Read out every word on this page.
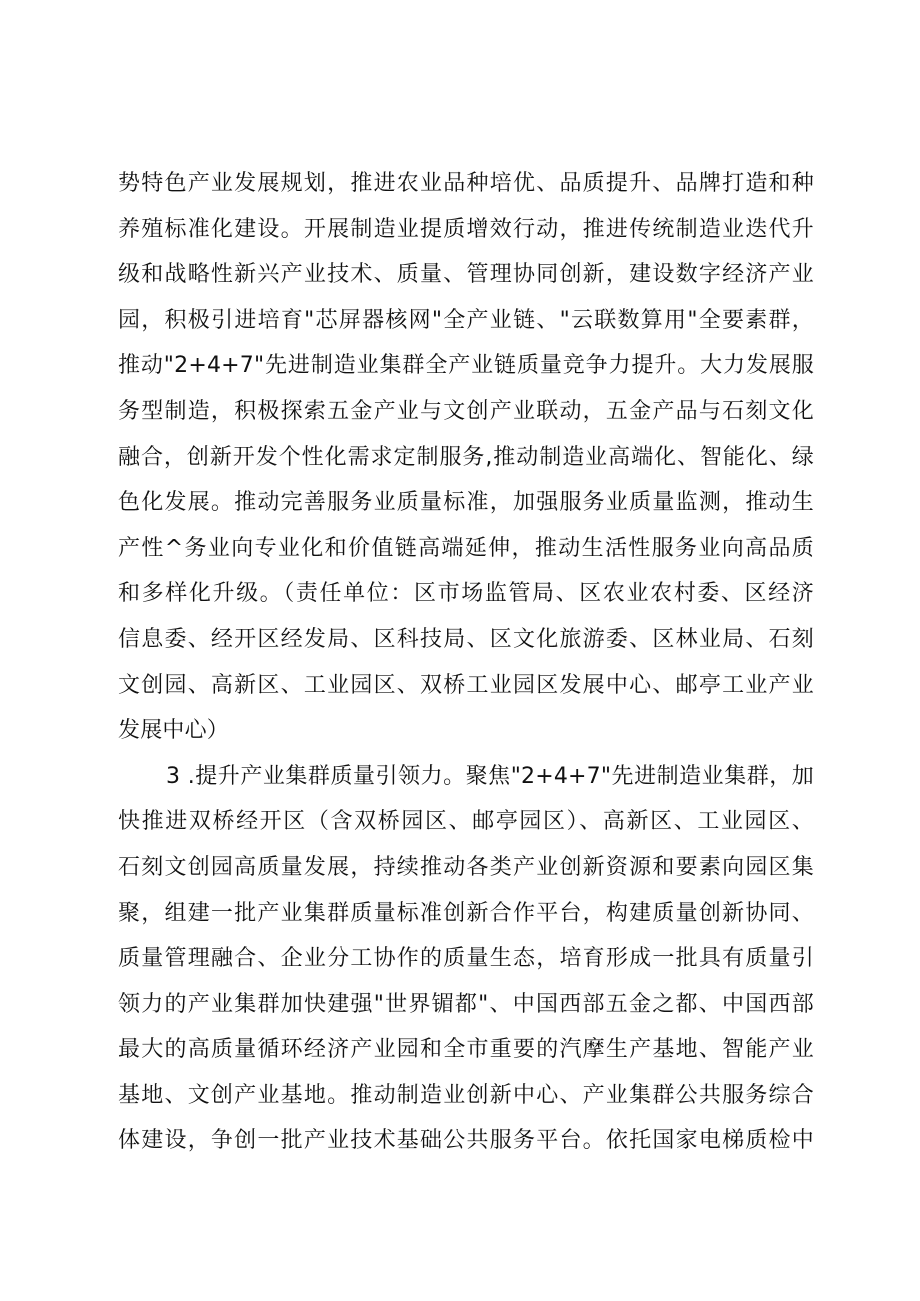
势特色产业发展规划，推进农业品种培优、品质提升、品牌打造和种
养殖标准化建设。开展制造业提质增效行动，推进传统制造业迭代升
级和战略性新兴产业技术、质量、管理协同创新，建设数字经济产业
园，积极引进培育"芯屏器核网"全产业链、"云联数算用"全要素群，
推动"2+4+7"先进制造业集群全产业链质量竞争力提升。大力发展服
务型制造，积极探索五金产业与文创产业联动，五金产品与石刻文化
融合，创新开发个性化需求定制服务,推动制造业高端化、智能化、绿
色化发展。推动完善服务业质量标准，加强服务业质量监测，推动生
产性^务业向专业化和价值链高端延伸，推动生活性服务业向高品质
和多样化升级。（责任单位：区市场监管局、区农业农村委、区经济
信息委、经开区经发局、区科技局、区文化旅游委、区林业局、石刻
文创园、高新区、工业园区、双桥工业园区发展中心、邮亭工业产业
发展中心）
3 .提升产业集群质量引领力。聚焦"2+4+7"先进制造业集群，加
快推进双桥经开区（含双桥园区、邮亭园区）、高新区、工业园区、
石刻文创园高质量发展，持续推动各类产业创新资源和要素向园区集
聚，组建一批产业集群质量标准创新合作平台，构建质量创新协同、
质量管理融合、企业分工协作的质量生态，培育形成一批具有质量引
领力的产业集群加快建强"世界镅都"、中国西部五金之都、中国西部
最大的高质量循环经济产业园和全市重要的汽摩生产基地、智能产业
基地、文创产业基地。推动制造业创新中心、产业集群公共服务综合
体建设，争创一批产业技术基础公共服务平台。依托国家电梯质检中
